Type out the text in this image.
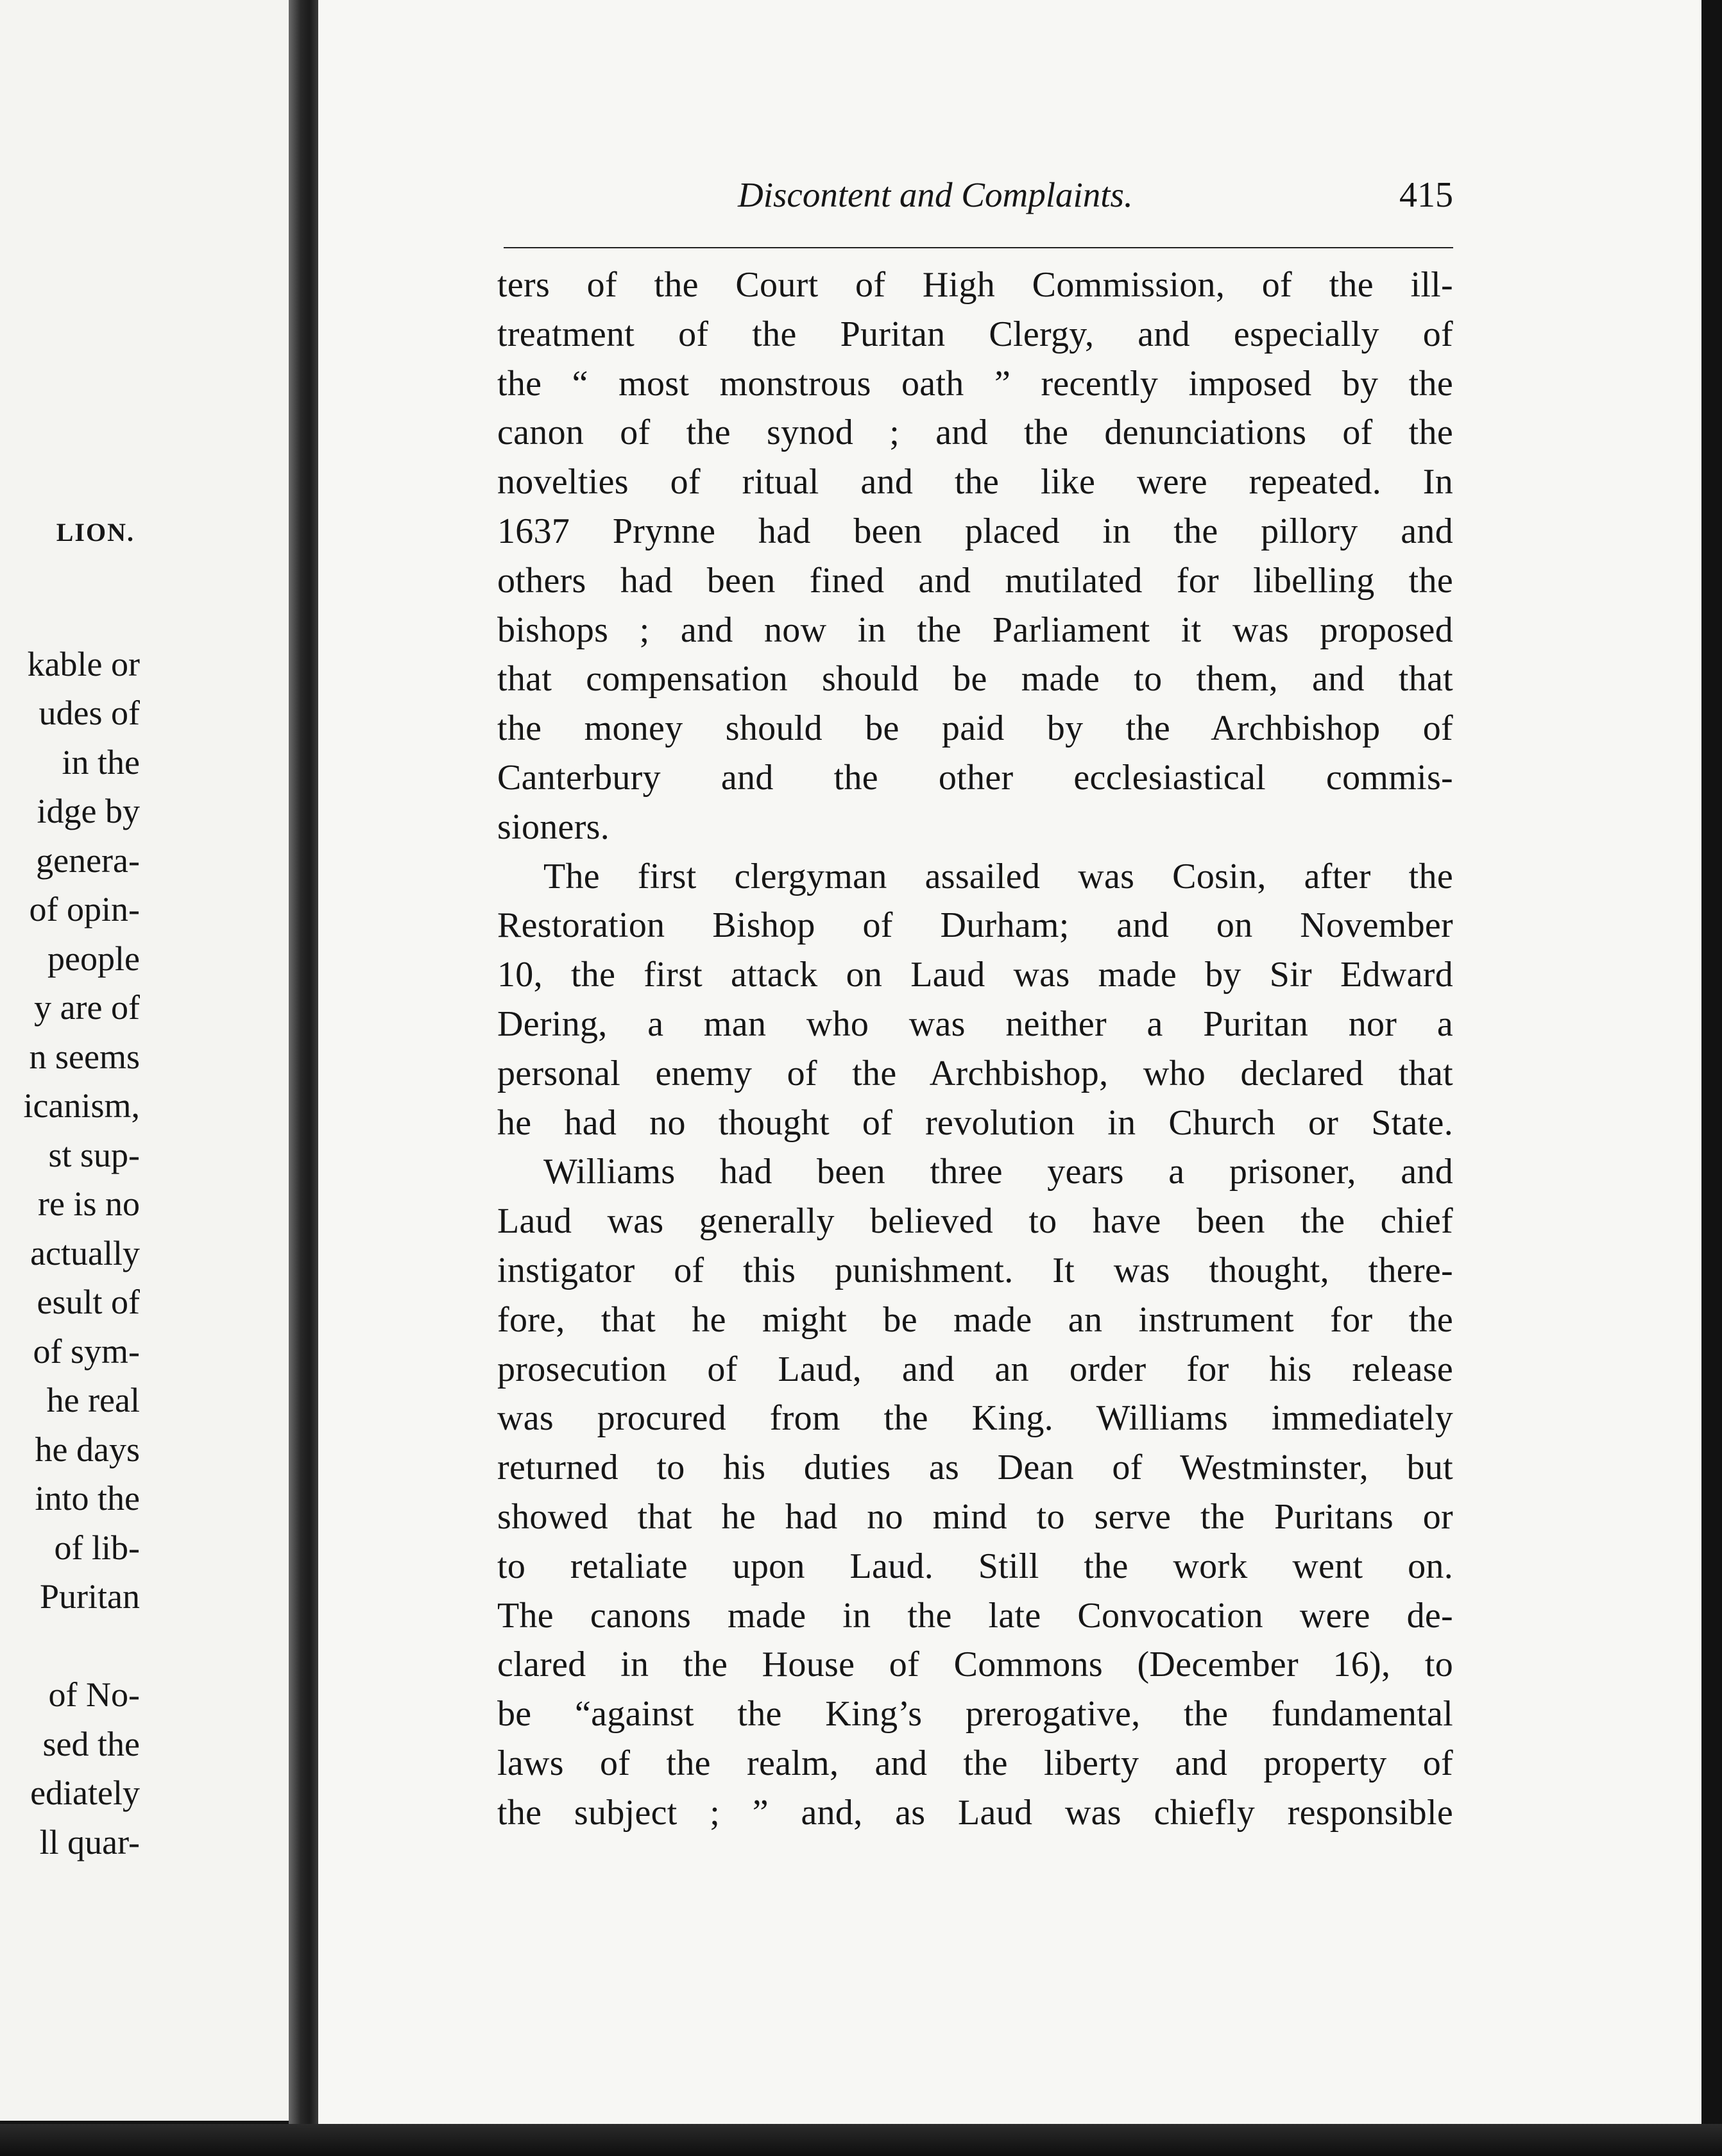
LION.

kable or
udes of
in the
idge by
genera-
of opin-
people
y are of
n seems
icanism,
st sup-
re is no
actually
esult of
of sym-
he real
he days
into the
of lib-
Puritan

of No-
sed the
ediately
ll quar-

Discontent and Complaints.	415
ters of the Court of High Commission, of the ill-
treatment of the Puritan Clergy, and especially of
the “ most monstrous oath ” recently imposed by the
canon of the synod ; and the denunciations of the
novelties of ritual and the like were repeated. In
1637 Prynne had been placed in the pillory and
others had been fined and mutilated for libelling the
bishops ; and now in the Parliament it was proposed
that compensation should be made to them, and that
the money should be paid by the Archbishop of
Canterbury and the other ecclesiastical commis-
sioners.
The first clergyman assailed was Cosin, after the
Restoration Bishop of Durham; and on November
10, the first attack on Laud was made by Sir Edward
Dering, a man who was neither a Puritan nor a
personal enemy of the Archbishop, who declared that
he had no thought of revolution in Church or State.
Williams had been three years a prisoner, and
Laud was generally believed to have been the chief
instigator of this punishment. It was thought, there-
fore, that he might be made an instrument for the
prosecution of Laud, and an order for his release
was procured from the King. Williams immediately
returned to his duties as Dean of Westminster, but
showed that he had no mind to serve the Puritans or
to retaliate upon Laud. Still the work went on.
The canons made in the late Convocation were de-
clared in the House of Commons (December 16), to
be “against the King’s prerogative, the fundamental
laws of the realm, and the liberty and property of
the subject ; ” and, as Laud was chiefly responsible
